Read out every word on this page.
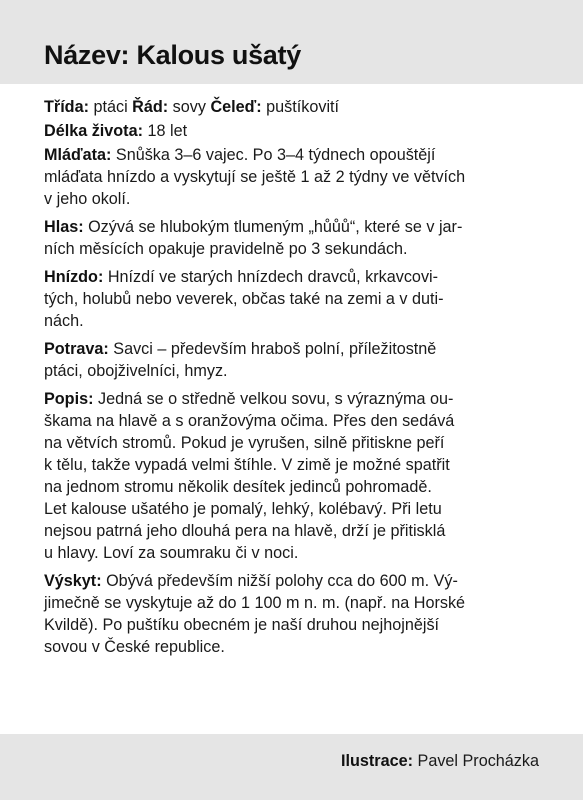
Název: Kalous ušatý
Třída: ptáci Řád: sovy Čeleď: puštíkovití
Délka života: 18 let
Mláďata: Snůška 3–6 vajec. Po 3–4 týdnech opouštějí
mláďata hnízdo a vyskytují se ještě 1 až 2 týdny ve větvích
v jeho okolí.
Hlas: Ozývá se hlubokým tlumeným „hůůů“, které se v jar-
ních měsících opakuje pravidelně po 3 sekundách.
Hnízdo: Hnízdí ve starých hnízdech dravců, krkavcovi-
tých, holubů nebo veverek, občas také na zemi a v duti-
nách.
Potrava: Savci – především hraboš polní, příležitostně
ptáci, obojživelníci, hmyz.
Popis: Jedná se o středně velkou sovu, s výraznýma ou-
škama na hlavě a s oranžovýma očima. Přes den sedává
na větvích stromů. Pokud je vyrušen, silně přitiskne peří
k tělu, takže vypadá velmi štíhle. V zimě je možné spatřit
na jednom stromu několik desítek jedinců pohromadě.
Let kalouse ušatého je pomalý, lehký, kolébavý. Při letu
nejsou patrná jeho dlouhá pera na hlavě, drží je přitisklá
u hlavy. Loví za soumraku či v noci.
Výskyt: Obývá především nižší polohy cca do 600 m. Vý-
jimečně se vyskytuje až do 1 100 m n. m. (např. na Horské
Kvildě). Po puštíku obecném je naší druhou nejhojnější
sovou v České republice.
Ilustrace: Pavel Procházka
